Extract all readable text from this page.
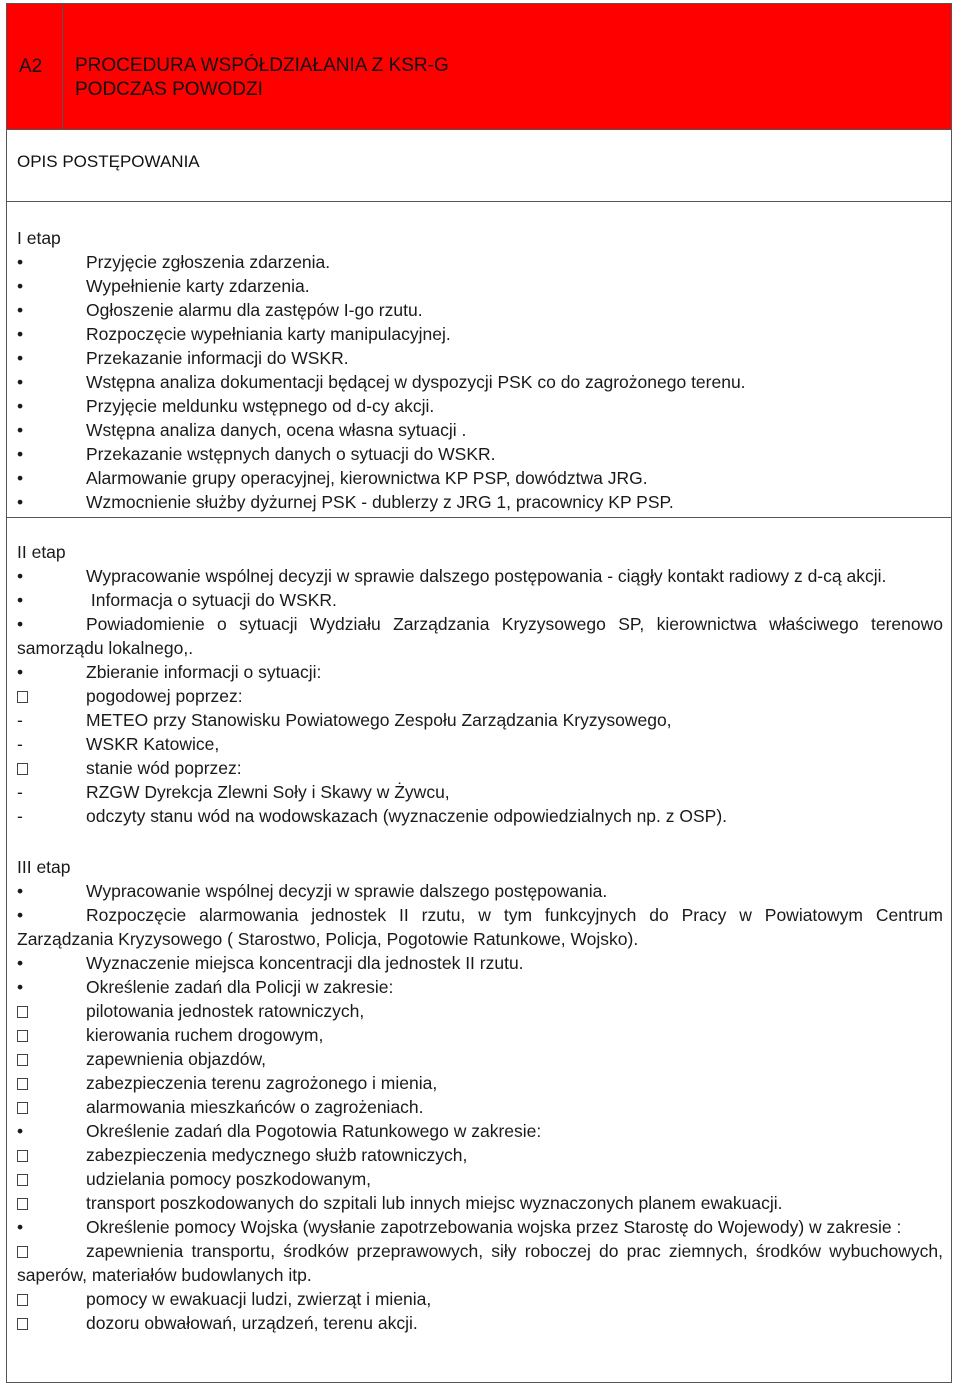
A2	PROCEDURA WSPÓŁDZIAŁANIA Z KSR-G
PODCZAS POWODZI
OPIS POSTĘPOWANIA
I etap
•	Przyjęcie zgłoszenia zdarzenia.
•	Wypełnienie karty zdarzenia.
•	Ogłoszenie alarmu dla zastępów I-go rzutu.
•	Rozpoczęcie wypełniania karty manipulacyjnej.
•	Przekazanie informacji do WSKR.
•	Wstępna analiza dokumentacji będącej w dyspozycji PSK co do zagrożonego terenu.
•	Przyjęcie meldunku wstępnego od d-cy akcji.
•	Wstępna analiza danych, ocena własna sytuacji .
•	Przekazanie wstępnych danych o sytuacji do WSKR.
•	Alarmowanie grupy operacyjnej, kierownictwa KP PSP, dowództwa JRG.
•	Wzmocnienie służby dyżurnej PSK - dublerzy z JRG 1, pracownicy KP PSP.
II etap
•	Wypracowanie wspólnej decyzji w sprawie dalszego postępowania - ciągły kontakt radiowy z d-cą akcji.
•	Informacja o sytuacji do WSKR.
•	Powiadomienie o sytuacji Wydziału Zarządzania Kryzysowego SP, kierownictwa właściwego terenowo samorządu lokalnego,.
•	Zbieranie informacji o sytuacji:
pogodowej poprzez:
-	METEO przy Stanowisku Powiatowego Zespołu Zarządzania Kryzysowego,
-	WSKR Katowice,
stanie wód poprzez:
-	RZGW Dyrekcja Zlewni Soły i Skawy w Żywcu,
-	odczyty stanu wód na wodowskazach (wyznaczenie odpowiedzialnych np. z OSP).
III etap
•	Wypracowanie wspólnej decyzji w sprawie dalszego postępowania.
•	Rozpoczęcie alarmowania jednostek II rzutu, w tym funkcyjnych do Pracy w Powiatowym Centrum Zarządzania Kryzysowego ( Starostwo, Policja, Pogotowie Ratunkowe, Wojsko).
•	Wyznaczenie miejsca koncentracji dla jednostek II rzutu.
•	Określenie zadań dla Policji w zakresie:
pilotowania jednostek ratowniczych,
kierowania ruchem drogowym,
zapewnienia objazdów,
zabezpieczenia terenu zagrożonego i mienia,
alarmowania mieszkańców o zagrożeniach.
•	Określenie zadań dla Pogotowia Ratunkowego w zakresie:
zabezpieczenia medycznego służb ratowniczych,
udzielania pomocy poszkodowanym,
transport poszkodowanych do szpitali lub innych miejsc wyznaczonych planem ewakuacji.
•	Określenie pomocy Wojska (wysłanie zapotrzebowania wojska przez Starostę do Wojewody) w zakresie :
zapewnienia transportu, środków przeprawowych, siły roboczej do prac ziemnych, środków wybuchowych, saperów, materiałów budowlanych itp.
pomocy w ewakuacji ludzi, zwierząt i mienia,
dozoru obwałowań, urządzeń, terenu akcji.
